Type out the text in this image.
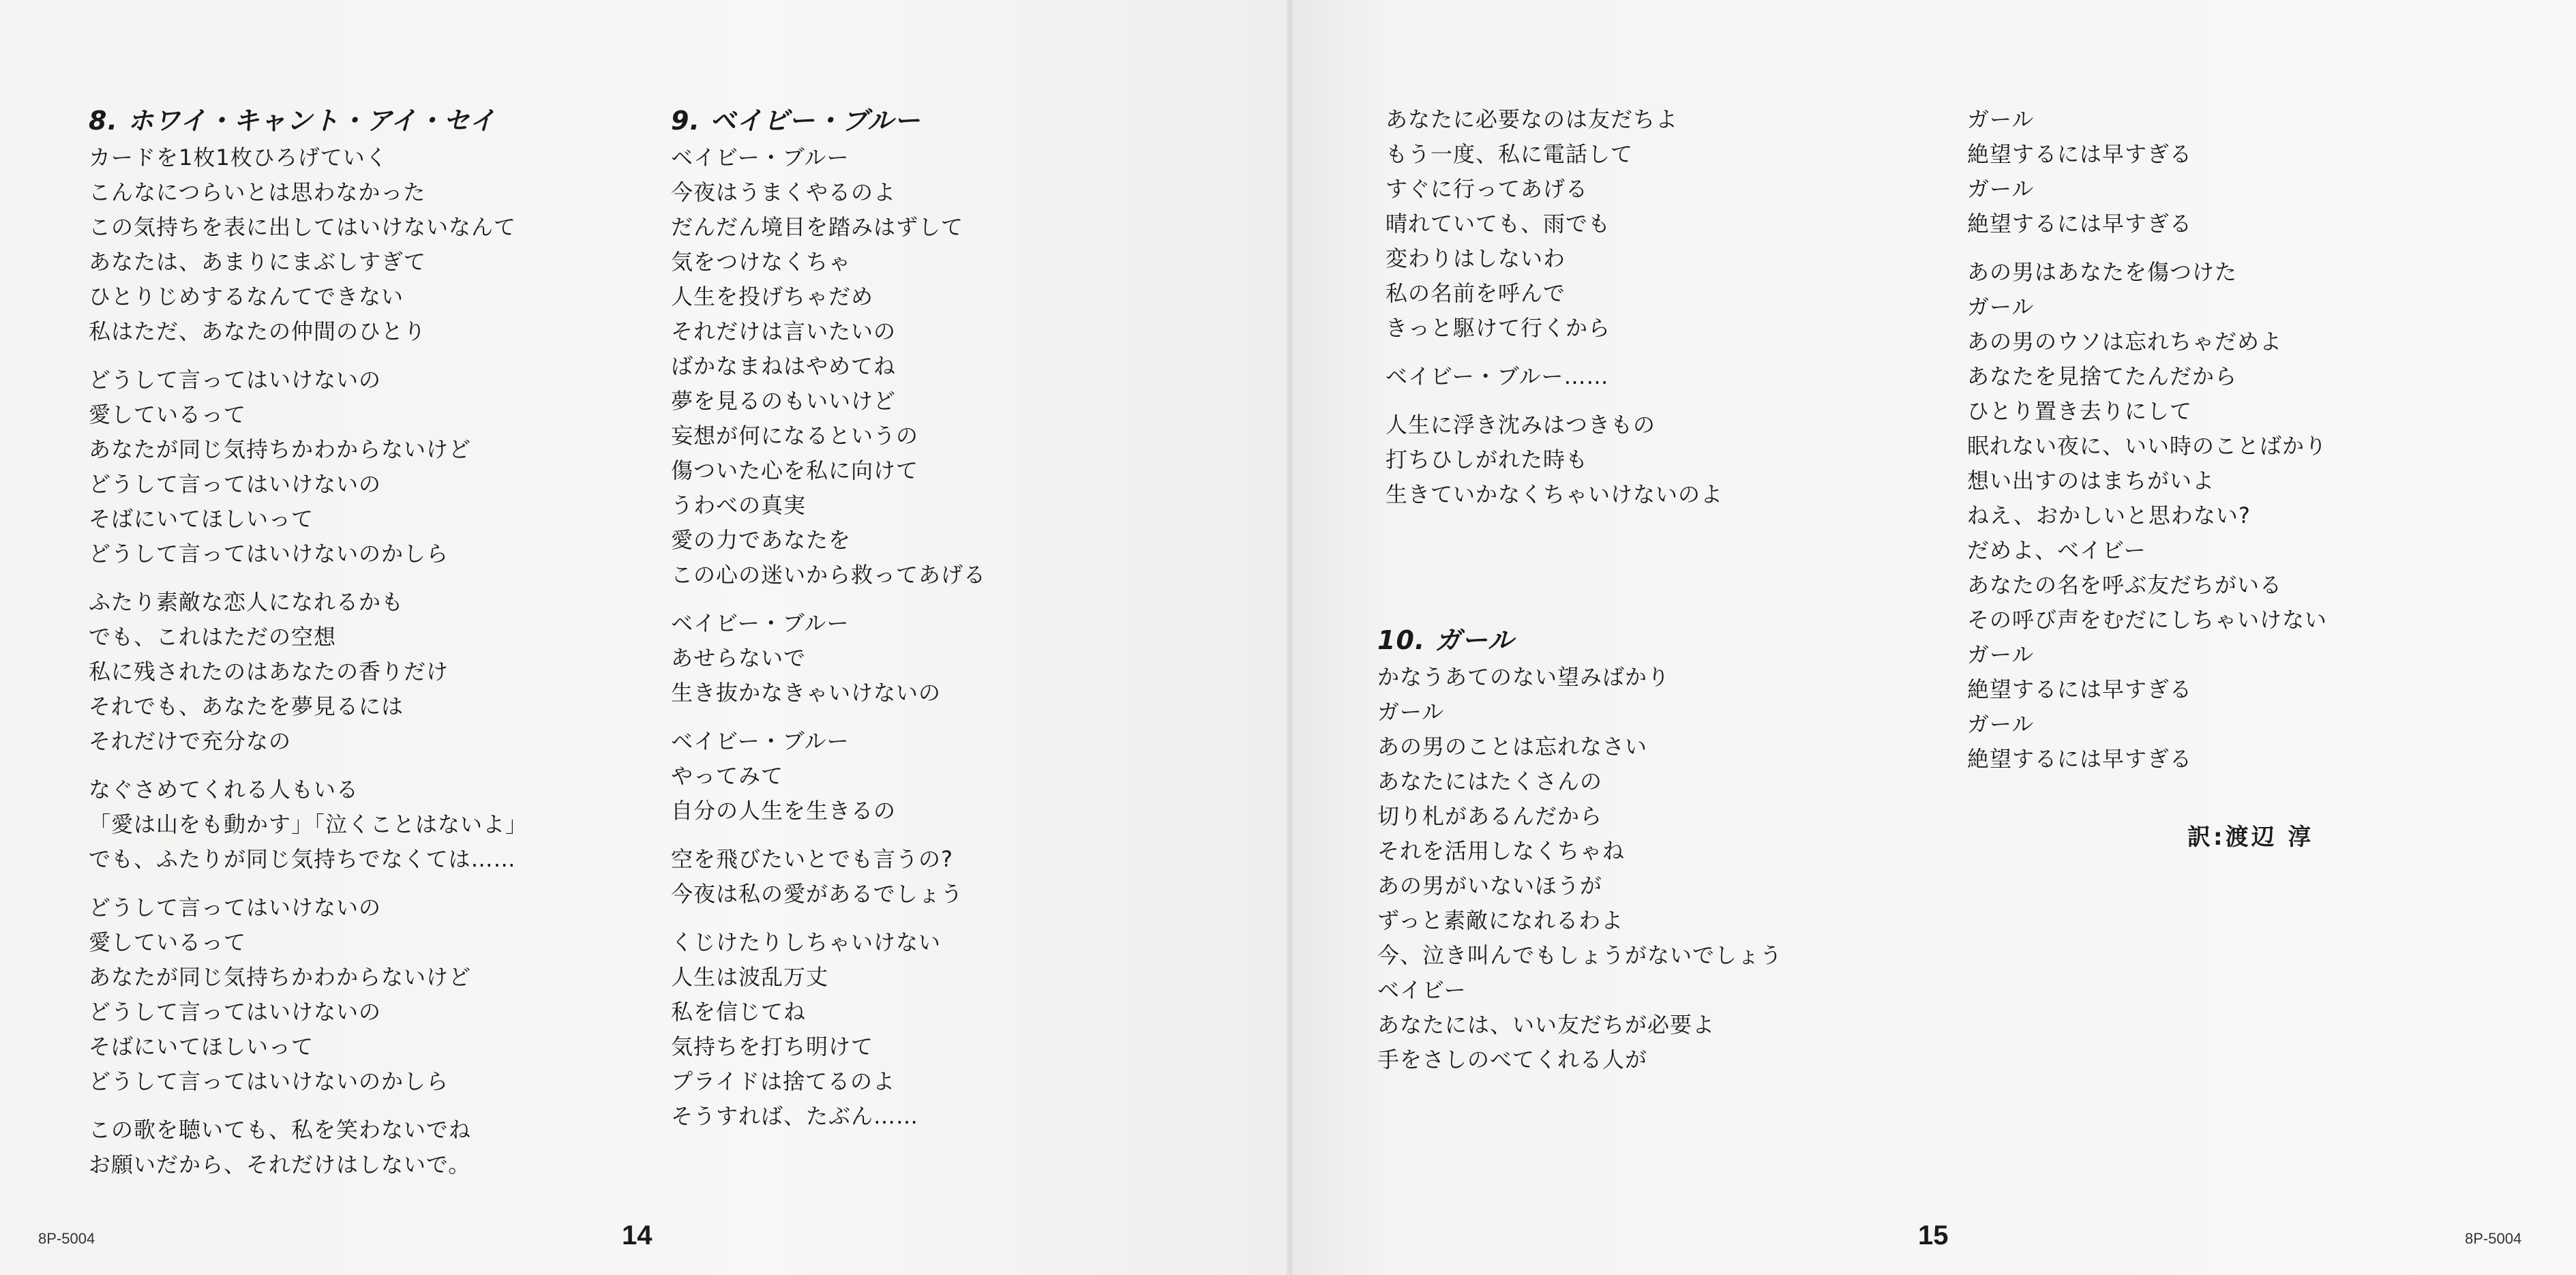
8. ホワイ・キャント・アイ・セイ
カードを1枚1枚ひろげていく
こんなにつらいとは思わなかった
この気持ちを表に出してはいけないなんて
あなたは、あまりにまぶしすぎて
ひとりじめするなんてできない
私はただ、あなたの仲間のひとり
どうして言ってはいけないの
愛しているって
あなたが同じ気持ちかわからないけど
どうして言ってはいけないの
そばにいてほしいって
どうして言ってはいけないのかしら
ふたり素敵な恋人になれるかも
でも、これはただの空想
私に残されたのはあなたの香りだけ
それでも、あなたを夢見るには
それだけで充分なの
なぐさめてくれる人もいる
「愛は山をも動かす」「泣くことはないよ」
でも、ふたりが同じ気持ちでなくては……
どうして言ってはいけないの
愛しているって
あなたが同じ気持ちかわからないけど
どうして言ってはいけないの
そばにいてほしいって
どうして言ってはいけないのかしら
この歌を聴いても、私を笑わないでね
お願いだから、それだけはしないで。
9. ベイビー・ブルー
ベイビー・ブルー
今夜はうまくやるのよ
だんだん境目を踏みはずして
気をつけなくちゃ
人生を投げちゃだめ
それだけは言いたいの
ばかなまねはやめてね
夢を見るのもいいけど
妄想が何になるというの
傷ついた心を私に向けて
うわべの真実
愛の力であなたを
この心の迷いから救ってあげる
ベイビー・ブルー
あせらないで
生き抜かなきゃいけないの
ベイビー・ブルー
やってみて
自分の人生を生きるの
空を飛びたいとでも言うの?
今夜は私の愛があるでしょう
くじけたりしちゃいけない
人生は波乱万丈
私を信じてね
気持ちを打ち明けて
プライドは捨てるのよ
そうすれば、たぶん……
14
8P-5004
あなたに必要なのは友だちよ
もう一度、私に電話して
すぐに行ってあげる
晴れていても、雨でも
変わりはしないわ
私の名前を呼んで
きっと駆けて行くから
ベイビー・ブルー……
人生に浮き沈みはつきもの
打ちひしがれた時も
生きていかなくちゃいけないのよ
10. ガール
かなうあてのない望みばかり
ガール
あの男のことは忘れなさい
あなたにはたくさんの
切り札があるんだから
それを活用しなくちゃね
あの男がいないほうが
ずっと素敵になれるわよ
今、泣き叫んでもしょうがないでしょう
ベイビー
あなたには、いい友だちが必要よ
手をさしのべてくれる人が
ガール
絶望するには早すぎる
ガール
絶望するには早すぎる
あの男はあなたを傷つけた
ガール
あの男のウソは忘れちゃだめよ
あなたを見捨てたんだから
ひとり置き去りにして
眠れない夜に、いい時のことばかり
想い出すのはまちがいよ
ねえ、おかしいと思わない?
だめよ、ベイビー
あなたの名を呼ぶ友だちがいる
その呼び声をむだにしちゃいけない
ガール
絶望するには早すぎる
ガール
絶望するには早すぎる
訳:渡辺 淳
15	8P-5004
